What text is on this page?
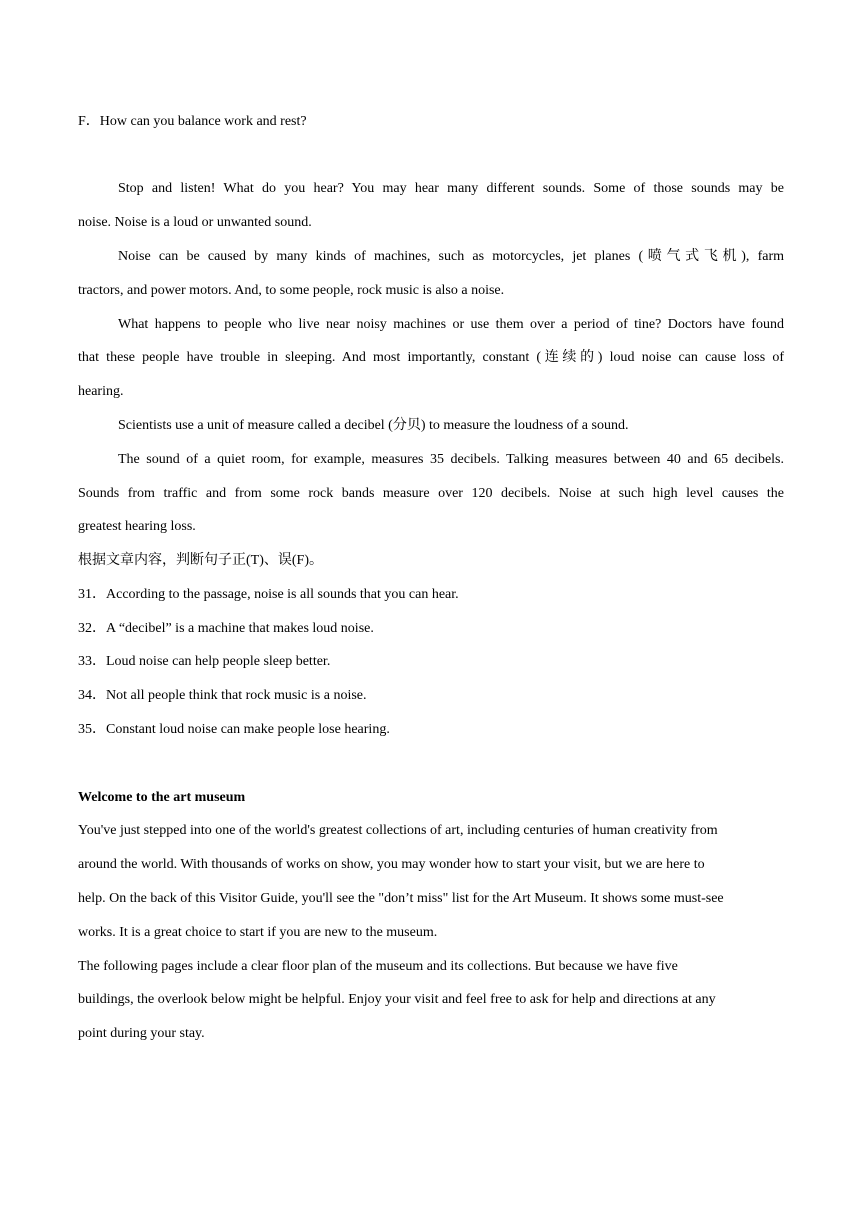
F．How can you balance work and rest?
Stop and listen! What do you hear? You may hear many different sounds. Some of those sounds may be
noise. Noise is a loud or unwanted sound.
Noise can be caused by many kinds of machines, such as motorcycles, jet planes (喷气式飞机), farm
tractors, and power motors. And, to some people, rock music is also a noise.
What happens to people who live near noisy machines or use them over a period of tine? Doctors have found
that these people have trouble in sleeping. And most importantly, constant (连续的) loud noise can cause loss of
hearing.
Scientists use a unit of measure called a decibel (分贝) to measure the loudness of a sound.
The sound of a quiet room, for example, measures 35 decibels. Talking measures between 40 and 65 decibels.
Sounds from traffic and from some rock bands measure over 120 decibels. Noise at such high level causes the
greatest hearing loss.
根据文章内容，判断句子正(T)、误(F)。
31．According to the passage, noise is all sounds that you can hear.
32．A “decibel” is a machine that makes loud noise.
33．Loud noise can help people sleep better.
34．Not all people think that rock music is a noise.
35．Constant loud noise can make people lose hearing.
Welcome to the art museum
You've just stepped into one of the world's greatest collections of art, including centuries of human creativity from
around the world. With thousands of works on show, you may wonder how to start your visit, but we are here to
help. On the back of this Visitor Guide, you'll see the "don’t miss" list for the Art Museum. It shows some must-see
works. It is a great choice to start if you are new to the museum.
The following pages include a clear floor plan of the museum and its collections. But because we have five
buildings, the overlook below might be helpful. Enjoy your visit and feel free to ask for help and directions at any
point during your stay.
